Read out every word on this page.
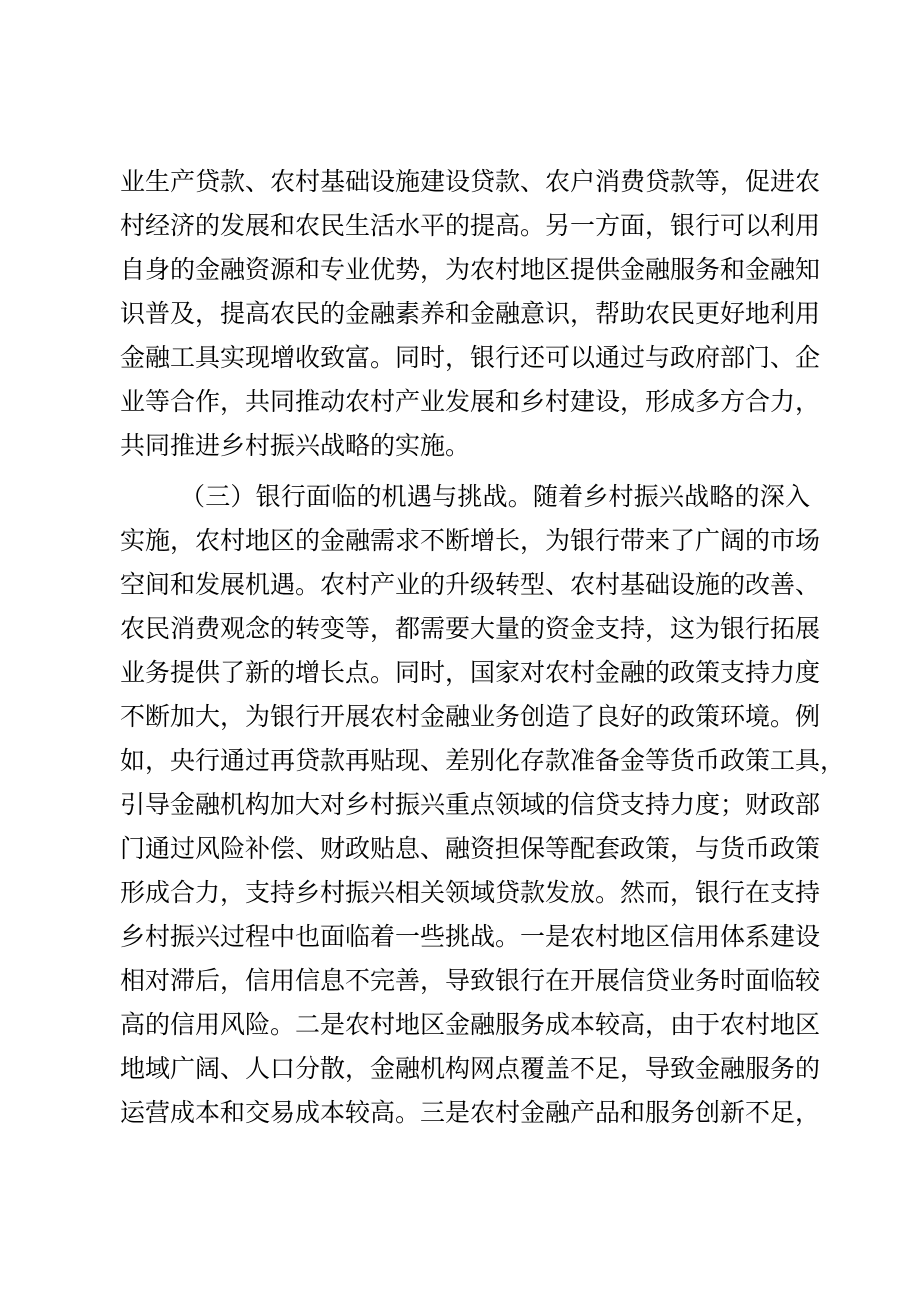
业生产贷款、农村基础设施建设贷款、农户消费贷款等，促进农
村经济的发展和农民生活水平的提高。另一方面，银行可以利用
自身的金融资源和专业优势，为农村地区提供金融服务和金融知
识普及，提高农民的金融素养和金融意识，帮助农民更好地利用
金融工具实现增收致富。同时，银行还可以通过与政府部门、企
业等合作，共同推动农村产业发展和乡村建设，形成多方合力，
共同推进乡村振兴战略的实施。
（三）银行面临的机遇与挑战。随着乡村振兴战略的深入
实施，农村地区的金融需求不断增长，为银行带来了广阔的市场
空间和发展机遇。农村产业的升级转型、农村基础设施的改善、
农民消费观念的转变等，都需要大量的资金支持，这为银行拓展
业务提供了新的增长点。同时，国家对农村金融的政策支持力度
不断加大，为银行开展农村金融业务创造了良好的政策环境。例
如，央行通过再贷款再贴现、差别化存款准备金等货币政策工具，
引导金融机构加大对乡村振兴重点领域的信贷支持力度；财政部
门通过风险补偿、财政贴息、融资担保等配套政策，与货币政策
形成合力，支持乡村振兴相关领域贷款发放。然而，银行在支持
乡村振兴过程中也面临着一些挑战。一是农村地区信用体系建设
相对滞后，信用信息不完善，导致银行在开展信贷业务时面临较
高的信用风险。二是农村地区金融服务成本较高，由于农村地区
地域广阔、人口分散，金融机构网点覆盖不足，导致金融服务的
运营成本和交易成本较高。三是农村金融产品和服务创新不足，
